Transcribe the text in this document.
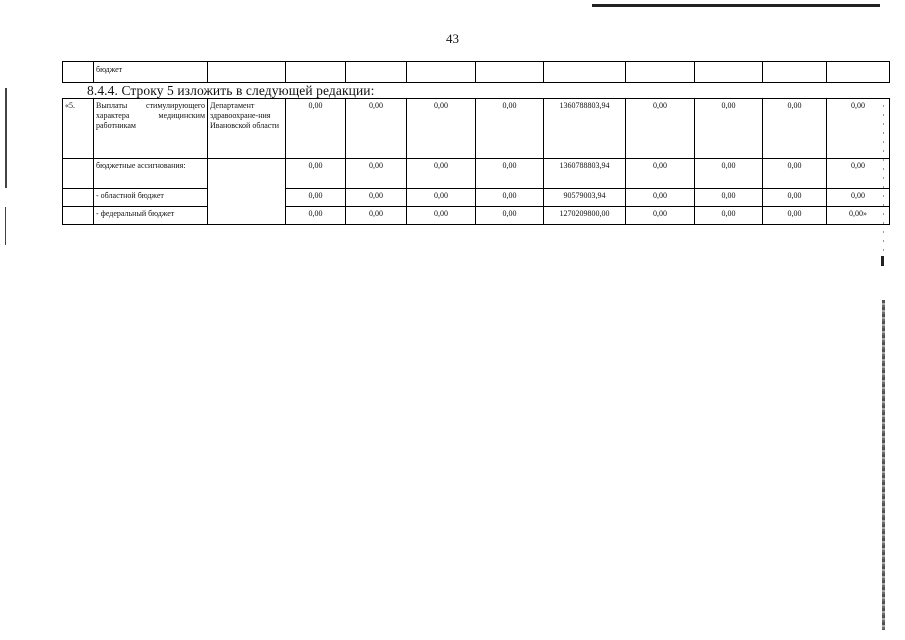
43
	бюджет										
8.4.4. Строку 5 изложить в следующей редакции:
«5.	Выплаты стимулирующего характера медицинским работникам	Департамент здравоохране-ния Ивановской области	0,00	0,00	0,00	0,00	1360788803,94	0,00	0,00	0,00	0,00
	бюджетные ассигнования:		0,00	0,00	0,00	0,00	1360788803,94	0,00	0,00	0,00	0,00
	- областной бюджет		0,00	0,00	0,00	0,00	90579003,94	0,00	0,00	0,00	0,00
	- федеральный бюджет		0,00	0,00	0,00	0,00	1270209800,00	0,00	0,00	0,00	0,00»
